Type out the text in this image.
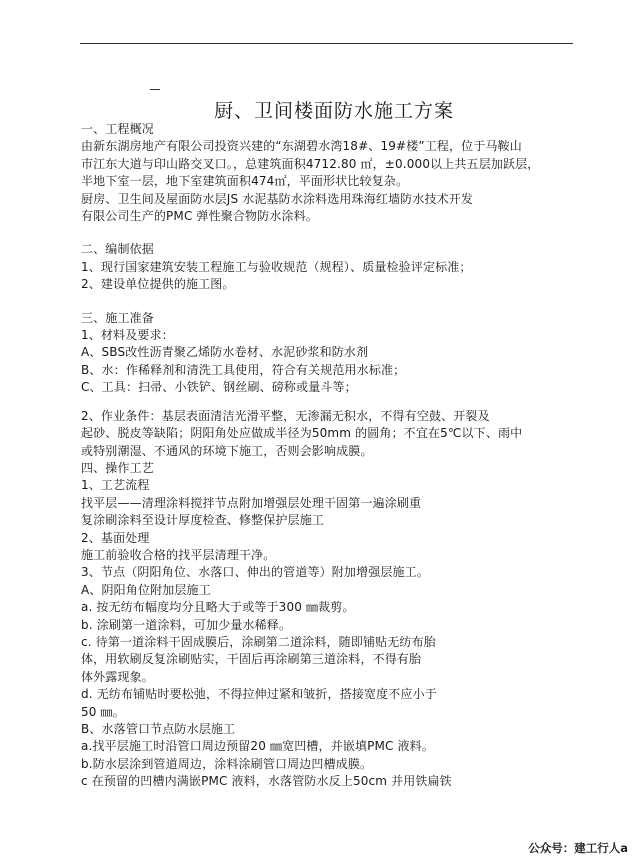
厨、卫间楼面防水施工方案
一、工程概况
由新东湖房地产有限公司投资兴建的“东湖碧水湾18#、19#楼”工程，位于马鞍山
市江东大道与印山路交叉口。，总建筑面积4712.80 ㎡，±0.000以上共五层加跃层，
半地下室一层，地下室建筑面积474㎡，平面形状比较复杂。
厨房、卫生间及屋面防水层JS 水泥基防水涂料选用珠海红墙防水技术开发
有限公司生产的PMC 弹性聚合物防水涂料。
二、编制依据
1、现行国家建筑安装工程施工与验收规范（规程）、质量检验评定标准；
2、建设单位提供的施工图。
三、施工准备
1、材料及要求：
A、SBS改性沥青聚乙烯防水卷材、水泥砂浆和防水剂
B、水：作稀释剂和清洗工具使用，符合有关规范用水标准；
C、工具：扫帚、小铁铲、钢丝刷、磅称或量斗等；
2、作业条件：基层表面清洁光滑平整，无渗漏无积水，不得有空鼓、开裂及
起砂、脱皮等缺陷；阴阳角处应做成半径为50mm 的圆角；不宜在5℃以下、雨中
或特别潮湿、不通风的环境下施工，否则会影响成膜。
四、操作工艺
1、工艺流程
找平层——清理涂料搅拌节点附加增强层处理干固第一遍涂刷重
复涂刷涂料至设计厚度检查、修整保护层施工
2、基面处理
施工前验收合格的找平层清理干净。
3、节点（阴阳角位、水落口、伸出的管道等）附加增强层施工。
A、阴阳角位附加层施工
a. 按无纺布幅度均分且略大于或等于300 ㎜裁剪。
b. 涂刷第一道涂料，可加少量水稀释。
c. 待第一道涂料干固成膜后，涂刷第二道涂料，随即铺贴无纺布胎
体，用软刷反复涂刷贴实，干固后再涂刷第三道涂料，不得有胎
体外露现象。
d. 无纺布铺贴时要松弛，不得拉伸过紧和皱折，搭接宽度不应小于
50 ㎜。
B、水落管口节点防水层施工
a.找平层施工时沿管口周边预留20 ㎜宽凹槽，并嵌填PMC 液料。
b.防水层涂到管道周边，涂料涂刷管口周边凹槽成膜。
c 在预留的凹槽内满嵌PMC 液料，水落管防水反上50cm 并用铁扁铁
公众号：建工行人a
